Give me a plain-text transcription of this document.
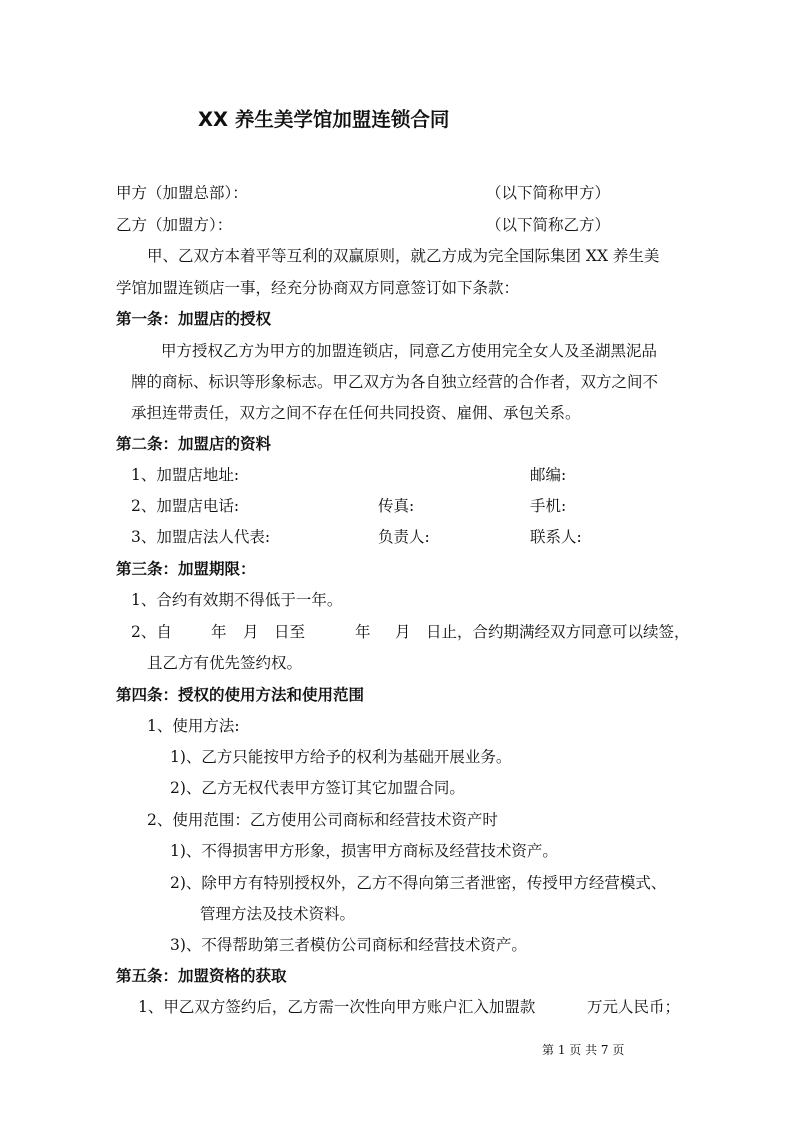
XX 养生美学馆加盟连锁合同
甲方（加盟总部）：	（以下简称甲方）
乙方（加盟方）：	（以下简称乙方）
甲、乙双方本着平等互利的双赢原则，就乙方成为完全国际集团 XX 养生美
学馆加盟连锁店一事，经充分协商双方同意签订如下条款：
第一条：加盟店的授权
甲方授权乙方为甲方的加盟连锁店，同意乙方使用完全女人及圣湖黑泥品
牌的商标、标识等形象标志。甲乙双方为各自独立经营的合作者，双方之间不
承担连带责任，双方之间不存在任何共同投资、雇佣、承包关系。
第二条：加盟店的资料
1、加盟店地址:	邮编:
2、加盟店电话:	传真:	手机:
3、加盟店法人代表:	负责人:	联系人:
第三条：加盟期限：
1、合约有效期不得低于一年。
2、自	年 月 日至	年 月 日止，合约期满经双方同意可以续签，
且乙方有优先签约权。
第四条：授权的使用方法和使用范围
1、使用方法:
1)、乙方只能按甲方给予的权利为基础开展业务。
2)、乙方无权代表甲方签订其它加盟合同。
2、使用范围：乙方使用公司商标和经营技术资产时
1)、不得损害甲方形象，损害甲方商标及经营技术资产。
2)、除甲方有特别授权外，乙方不得向第三者泄密，传授甲方经营模式、
管理方法及技术资料。
3)、不得帮助第三者模仿公司商标和经营技术资产。
第五条：加盟资格的获取
1、甲乙双方签约后，乙方需一次性向甲方账户汇入加盟款	万元人民币；
第 1 页 共 7 页
